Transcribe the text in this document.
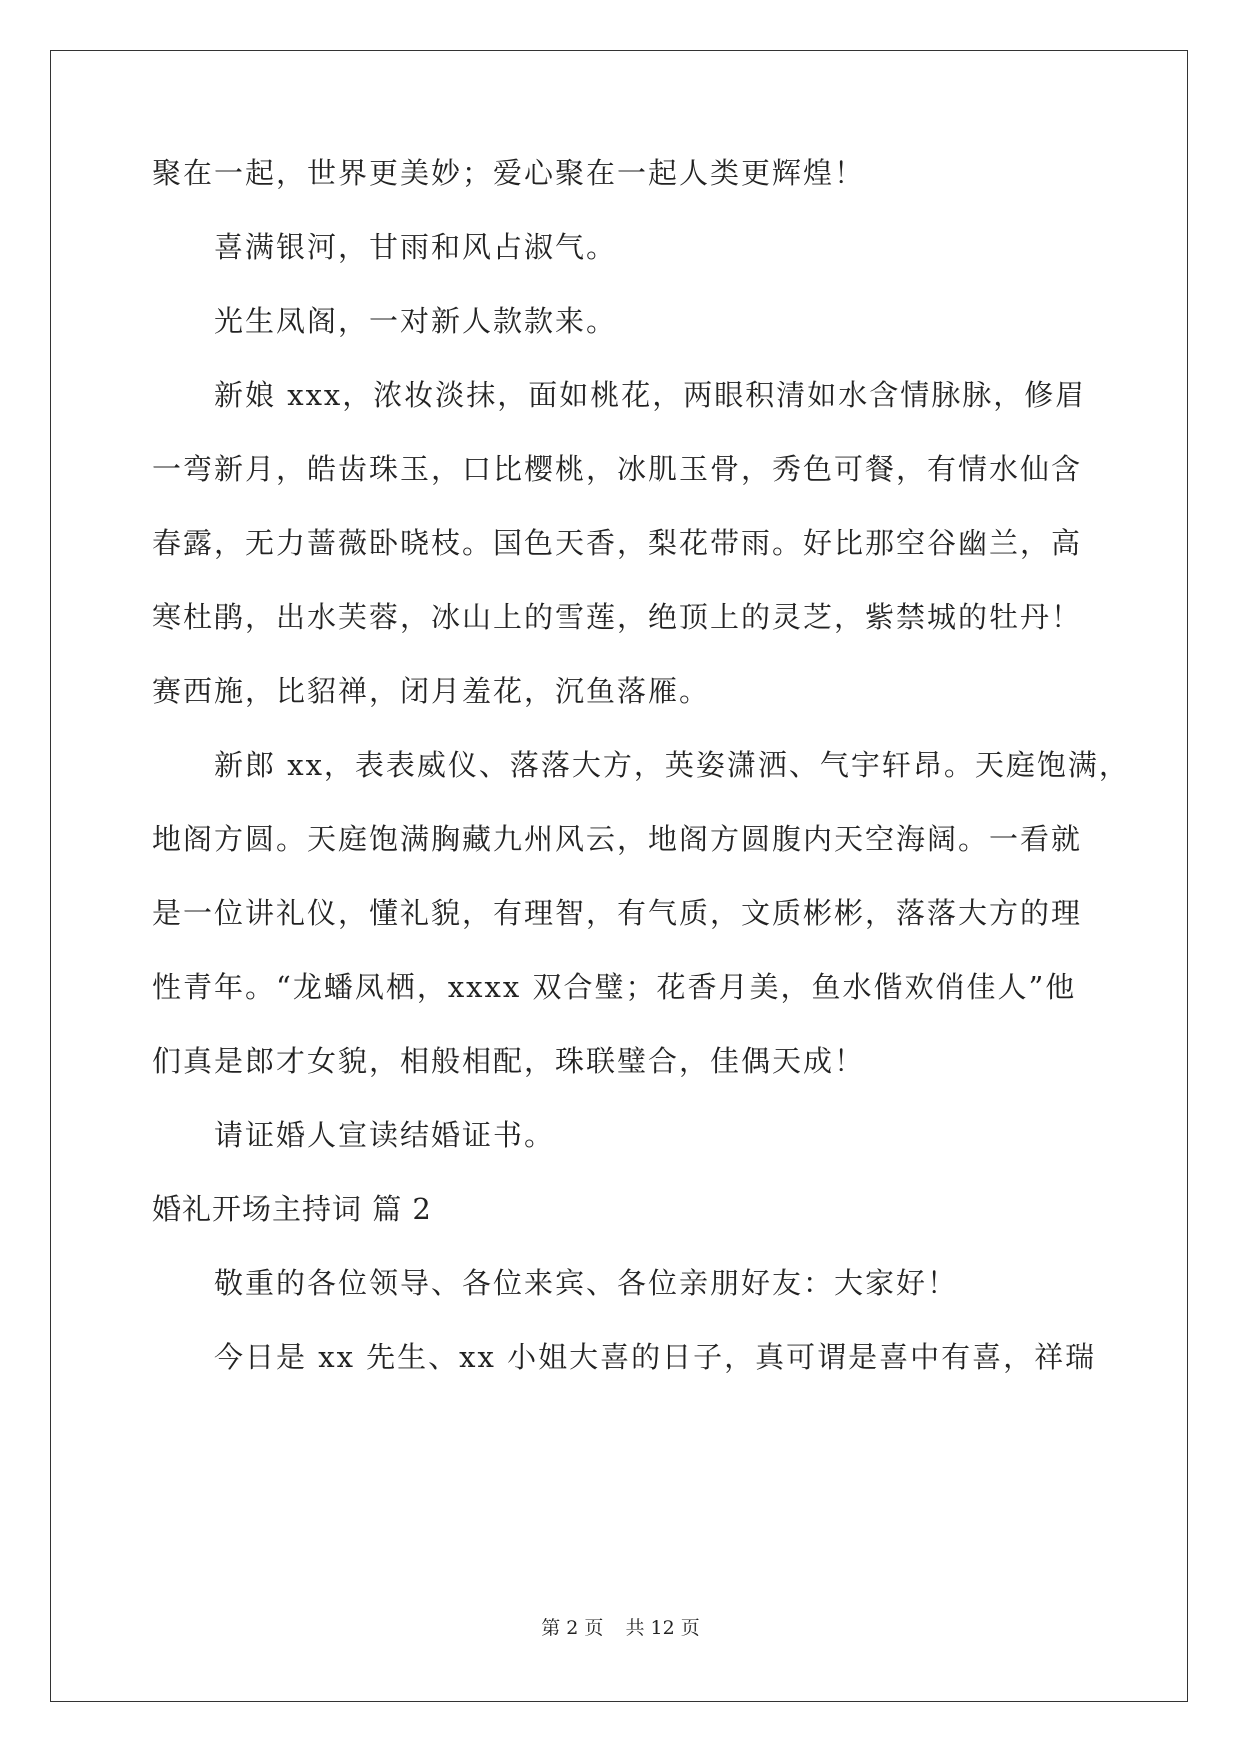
聚在一起，世界更美妙；爱心聚在一起人类更辉煌！

喜满银河，甘雨和风占淑气。

光生凤阁，一对新人款款来。

新娘 xxx，浓妆淡抹，面如桃花，两眼积清如水含情脉脉，修眉

一弯新月，皓齿珠玉，口比樱桃，冰肌玉骨，秀色可餐，有情水仙含

春露，无力蔷薇卧晓枝。国色天香，梨花带雨。好比那空谷幽兰，高

寒杜鹃，出水芙蓉，冰山上的雪莲，绝顶上的灵芝，紫禁城的牡丹！

赛西施，比貂禅，闭月羞花，沉鱼落雁。

新郎 xx，表表威仪、落落大方，英姿潇洒、气宇轩昂。天庭饱满，

地阁方圆。天庭饱满胸藏九州风云，地阁方圆腹内天空海阔。一看就

是一位讲礼仪，懂礼貌，有理智，有气质，文质彬彬，落落大方的理

性青年。“龙蟠凤栖，xxxx 双合璧；花香月美，鱼水偕欢俏佳人”他

们真是郎才女貌，相般相配，珠联璧合，佳偶天成！

请证婚人宣读结婚证书。

婚礼开场主持词 篇 2

敬重的各位领导、各位来宾、各位亲朋好友：大家好！

今日是 xx 先生、xx 小姐大喜的日子，真可谓是喜中有喜，祥瑞

第 2 页 共 12 页
